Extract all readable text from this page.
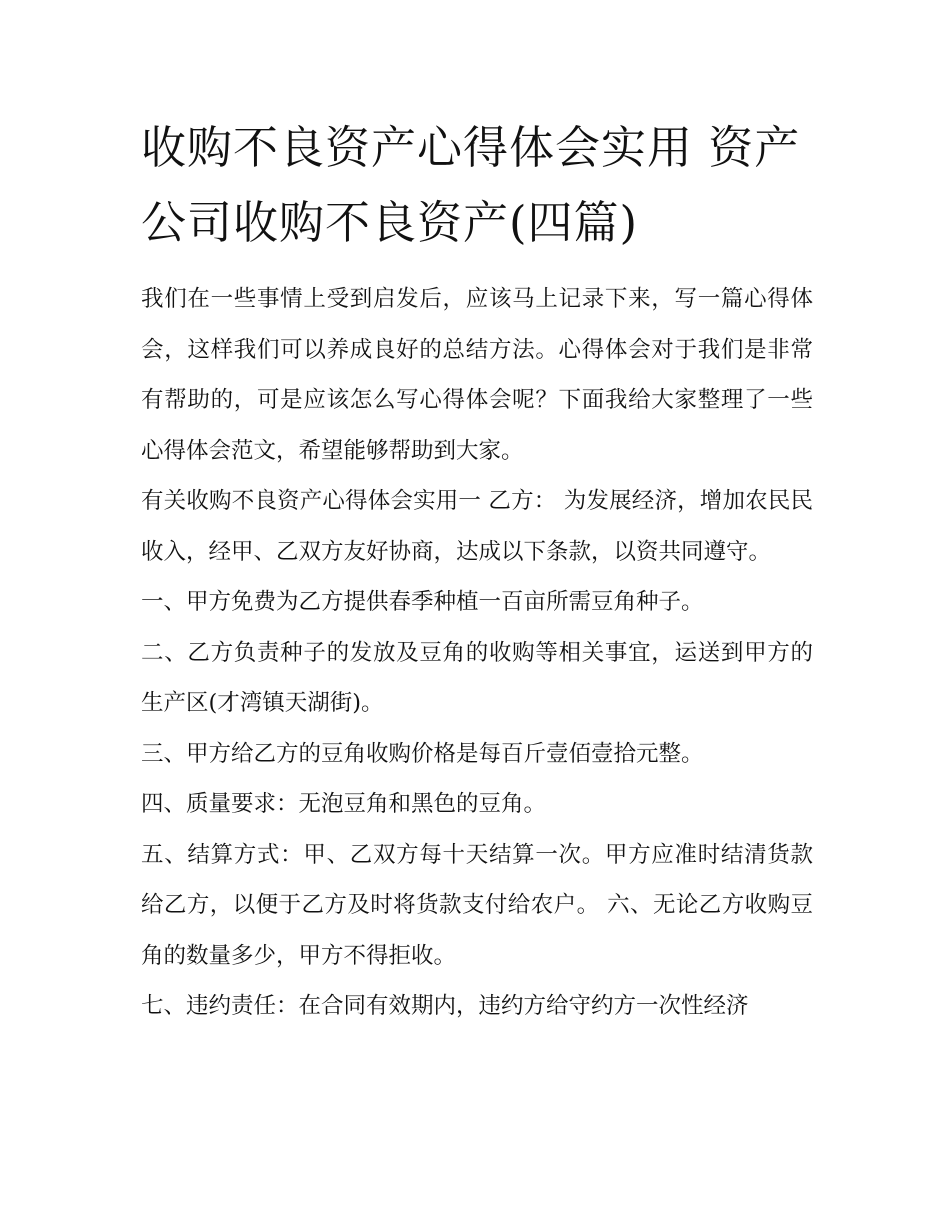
收购不良资产心得体会实用 资产公司收购不良资产(四篇)

我们在一些事情上受到启发后，应该马上记录下来，写一篇心得体会，这样我们可以养成良好的总结方法。心得体会对于我们是非常有帮助的，可是应该怎么写心得体会呢？下面我给大家整理了一些心得体会范文，希望能够帮助到大家。

有关收购不良资产心得体会实用一 乙方： 为发展经济，增加农民民收入，经甲、乙双方友好协商，达成以下条款，以资共同遵守。

一、甲方免费为乙方提供春季种植一百亩所需豆角种子。

二、乙方负责种子的发放及豆角的收购等相关事宜，运送到甲方的生产区(才湾镇天湖街)。

三、甲方给乙方的豆角收购价格是每百斤壹佰壹拾元整。

四、质量要求：无泡豆角和黑色的豆角。

五、结算方式：甲、乙双方每十天结算一次。甲方应准时结清货款给乙方，以便于乙方及时将货款支付给农户。 六、无论乙方收购豆角的数量多少，甲方不得拒收。

七、违约责任：在合同有效期内，违约方给守约方一次性经济
